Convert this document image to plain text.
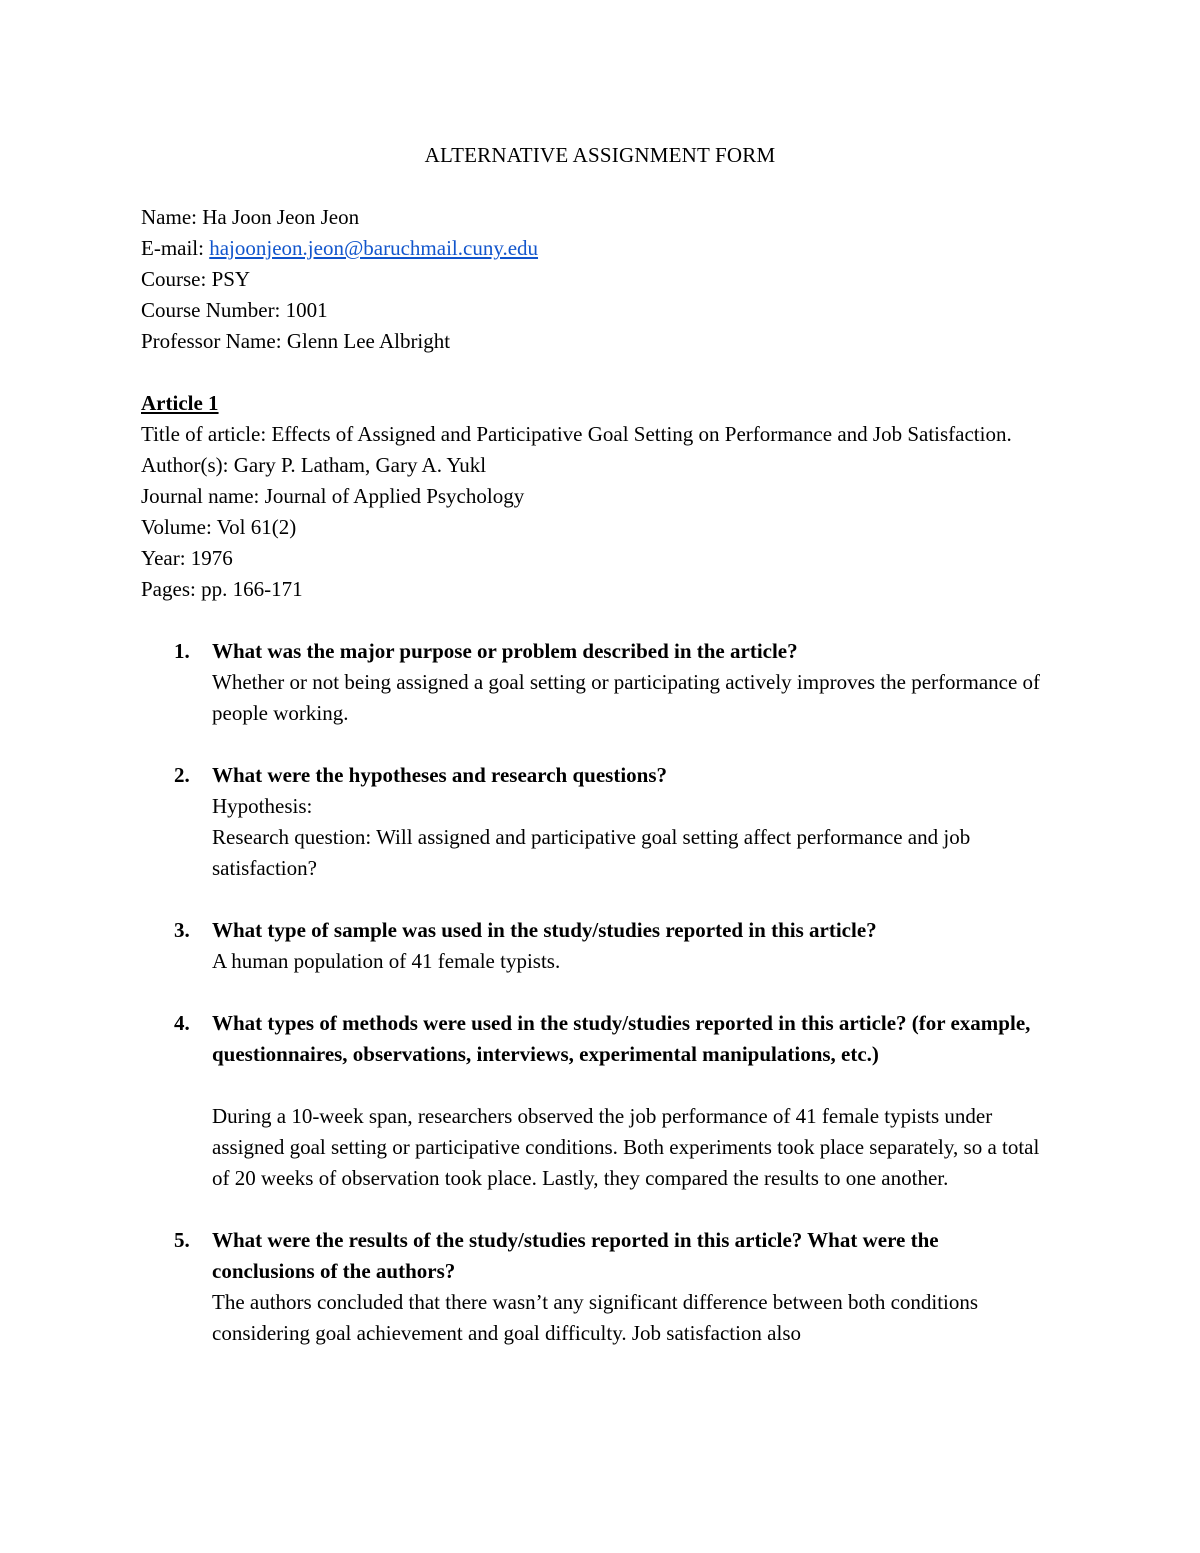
ALTERNATIVE ASSIGNMENT FORM

Name: Ha Joon Jeon Jeon

E-mail: hajoonjeon.jeon@baruchmail.cuny.edu

Course: PSY

Course Number: 1001

Professor Name: Glenn Lee Albright

Article 1

Title of article: Effects of Assigned and Participative Goal Setting on Performance and Job Satisfaction.

Author(s): Gary P. Latham, Gary A. Yukl

Journal name: Journal of Applied Psychology

Volume: Vol 61(2)

Year: 1976

Pages: pp. 166-171

1. What was the major purpose or problem described in the article?
Whether or not being assigned a goal setting or participating actively improves the performance of people working.
2. What were the hypotheses and research questions?
Hypothesis:
Research question: Will assigned and participative goal setting affect performance and job satisfaction?
3. What type of sample was used in the study/studies reported in this article?
A human population of 41 female typists.
4. What types of methods were used in the study/studies reported in this article? (for example, questionnaires, observations, interviews, experimental manipulations, etc.)
During a 10-week span, researchers observed the job performance of 41 female typists under assigned goal setting or participative conditions. Both experiments took place separately, so a total of 20 weeks of observation took place. Lastly, they compared the results to one another.
5. What were the results of the study/studies reported in this article? What were the conclusions of the authors?
The authors concluded that there wasn’t any significant difference between both conditions considering goal achievement and goal difficulty. Job satisfaction also
